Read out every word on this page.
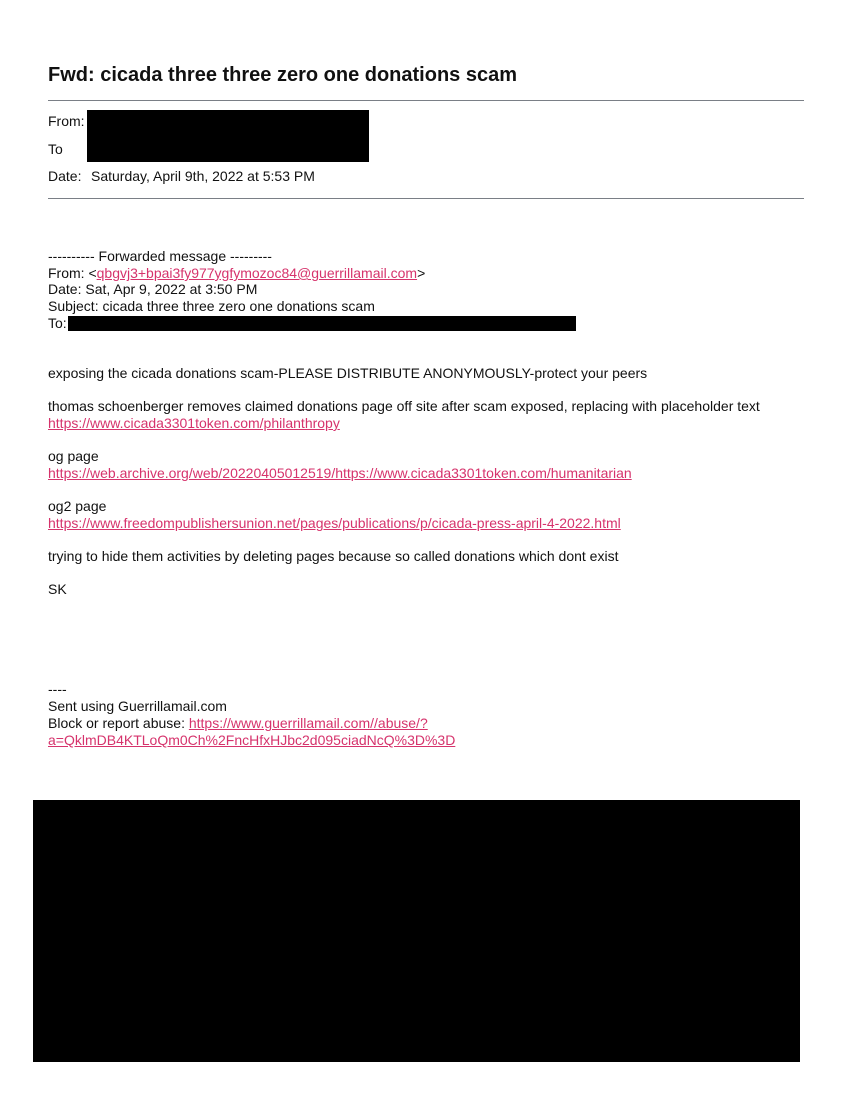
Fwd: cicada three three zero one donations scam
From:
To
Date: Saturday, April 9th, 2022 at 5:53 PM
---------- Forwarded message ---------
From: <qbgvj3+bpai3fy977ygfymozoc84@guerrillamail.com>
Date: Sat, Apr 9, 2022 at 3:50 PM
Subject: cicada three three zero one donations scam
To:
exposing the cicada donations scam-PLEASE DISTRIBUTE ANONYMOUSLY-protect your peers
thomas schoenberger removes claimed donations page off site after scam exposed, replacing with placeholder text
https://www.cicada3301token.com/philanthropy
og page
https://web.archive.org/web/20220405012519/https://www.cicada3301token.com/humanitarian
og2 page
https://www.freedompublishersunion.net/pages/publications/p/cicada-press-april-4-2022.html
trying to hide them activities by deleting pages because so called donations which dont exist
SK
----
Sent using Guerrillamail.com
Block or report abuse: https://www.guerrillamail.com//abuse/?
a=QklmDB4KTLoQm0Ch%2FncHfxHJbc2d095ciadNcQ%3D%3D
